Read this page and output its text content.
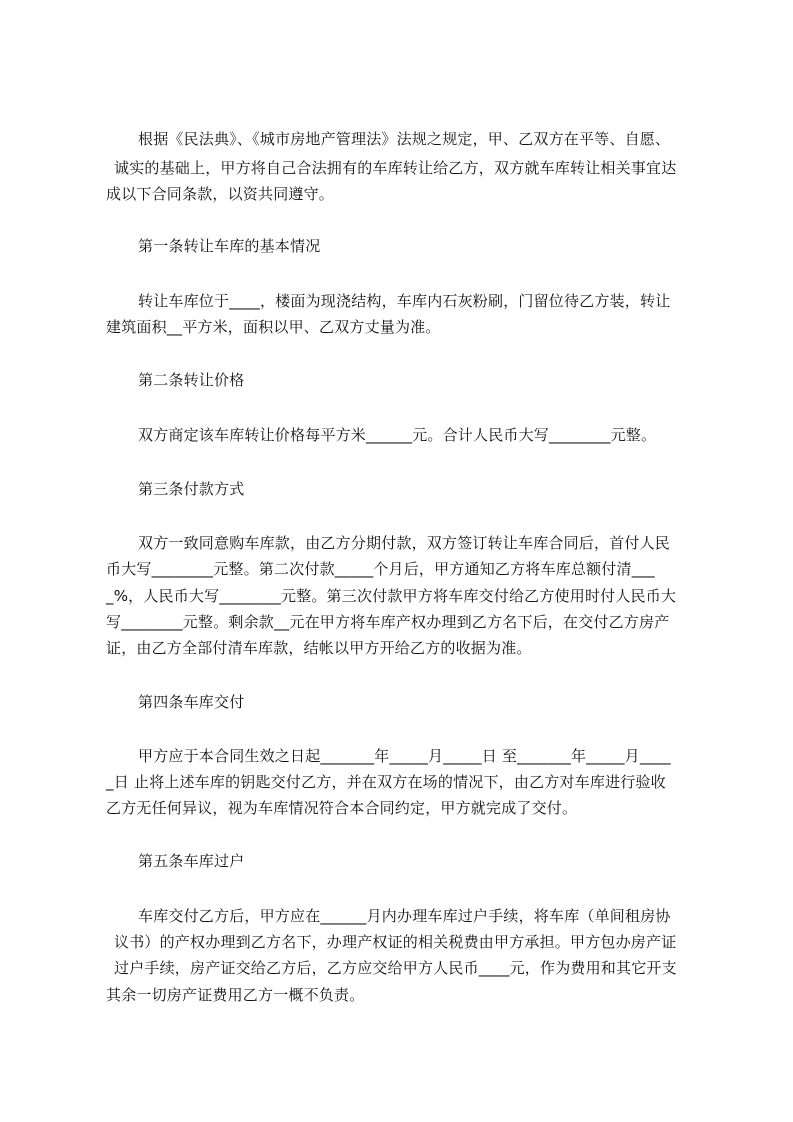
根据《民法典》、《城市房地产管理法》法规之规定，甲、乙双方在平等、自愿、
诚实的基础上，甲方将自己合法拥有的车库转让给乙方，双方就车库转让相关事宜达
成以下合同条款，以资共同遵守。
第一条转让车库的基本情况
转让车库位于____，楼面为现浇结构，车库内石灰粉刷，门留位待乙方装，转让
建筑面积__平方米，面积以甲、乙双方丈量为准。
第二条转让价格
双方商定该车库转让价格每平方米______元。合计人民币大写________元整。
第三条付款方式
双方一致同意购车库款，由乙方分期付款，双方签订转让车库合同后，首付人民
币大写________元整。第二次付款_____个月后，甲方通知乙方将车库总额付清___
_%，人民币大写________元整。第三次付款甲方将车库交付给乙方使用时付人民币大
写________元整。剩余款__元在甲方将车库产权办理到乙方名下后，在交付乙方房产
证，由乙方全部付清车库款，结帐以甲方开给乙方的收据为准。
第四条车库交付
甲方应于本合同生效之日起_______年_____月_____日 至_______年_____月____
_日 止将上述车库的钥匙交付乙方，并在双方在场的情况下，由乙方对车库进行验收
乙方无任何异议，视为车库情况符合本合同约定，甲方就完成了交付。
第五条车库过户
车库交付乙方后，甲方应在______月内办理车库过户手续，将车库（单间租房协
议书）的产权办理到乙方名下，办理产权证的相关税费由甲方承担。甲方包办房产证
过户手续，房产证交给乙方后，乙方应交给甲方人民币____元，作为费用和其它开支
其余一切房产证费用乙方一概不负责。
